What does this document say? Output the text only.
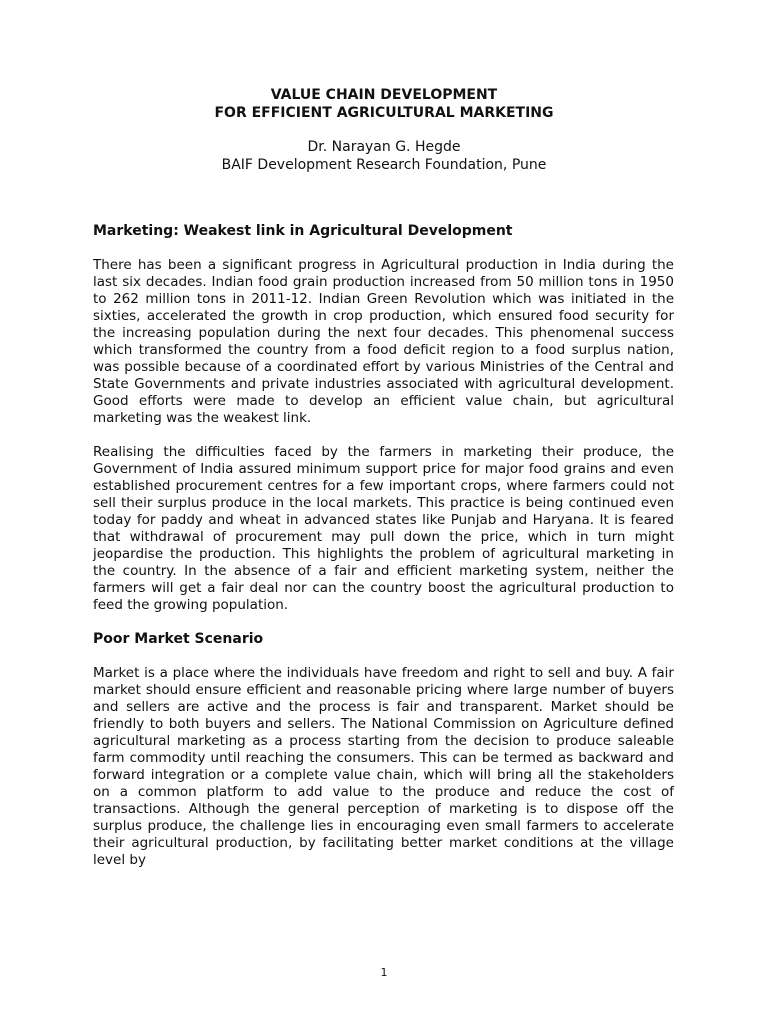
VALUE CHAIN DEVELOPMENT
FOR EFFICIENT AGRICULTURAL MARKETING
Dr. Narayan G. Hegde
BAIF Development Research Foundation, Pune
Marketing: Weakest link in Agricultural Development

There has been a significant progress in Agricultural production in India during the last six decades. Indian food grain production increased from 50 million tons in 1950 to 262 million tons in 2011-12. Indian Green Revolution which was initiated in the sixties, accelerated the growth in crop production, which ensured food security for the increasing population during the next four decades. This phenomenal success which transformed the country from a food deficit region to a food surplus nation, was possible because of a coordinated effort by various Ministries of the Central and State Governments and private industries associated with agricultural development. Good efforts were made to develop an efficient value chain, but agricultural marketing was the weakest link.

Realising the difficulties faced by the farmers in marketing their produce, the Government of India assured minimum support price for major food grains and even established procurement centres for a few important crops, where farmers could not sell their surplus produce in the local markets. This practice is being continued even today for paddy and wheat in advanced states like Punjab and Haryana. It is feared that withdrawal of procurement may pull down the price, which in turn might jeopardise the production. This highlights the problem of agricultural marketing in the country. In the absence of a fair and efficient marketing system, neither the farmers will get a fair deal nor can the country boost the agricultural production to feed the growing population.

Poor Market Scenario

Market is a place where the individuals have freedom and right to sell and buy. A fair market should ensure efficient and reasonable pricing where large number of buyers and sellers are active and the process is fair and transparent. Market should be friendly to both buyers and sellers. The National Commission on Agriculture defined agricultural marketing as a process starting from the decision to produce saleable farm commodity until reaching the consumers. This can be termed as backward and forward integration or a complete value chain, which will bring all the stakeholders on a common platform to add value to the produce and reduce the cost of transactions. Although the general perception of marketing is to dispose off the surplus produce, the challenge lies in encouraging even small farmers to accelerate their agricultural production, by facilitating better market conditions at the village level by

1
